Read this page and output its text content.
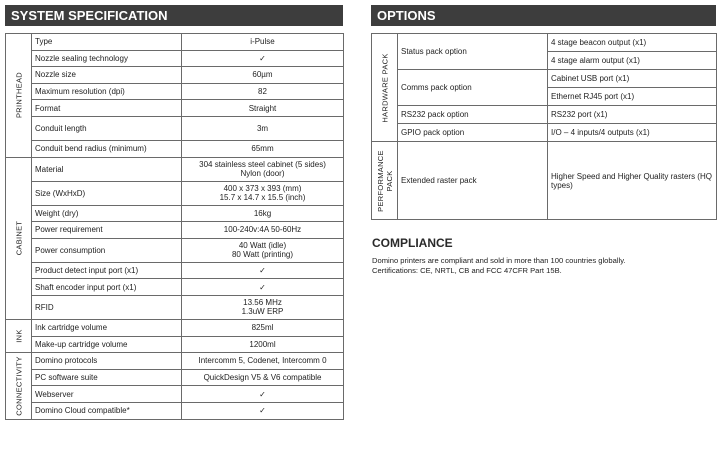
SYSTEM SPECIFICATION
PRINTHEAD	Type	i-Pulse

	Nozzle sealing technology	✓

	Nozzle size	60µm

	Maximum resolution (dpi)	82

	Format	Straight

	Conduit length	3m

	Conduit bend radius (minimum)	65mm

CABINET	Material	304 stainless steel cabinet (5 sides)
Nylon (door)

	Size (WxHxD)	400 x 373 x 393 (mm)
15.7 x 14.7 x 15.5 (inch)

	Weight (dry)	16kg

	Power requirement	100-240v:4A 50-60Hz

	Power consumption	40 Watt (idle)
80 Watt (printing)

	Product detect input port (x1)	✓

	Shaft encoder input port (x1)	✓

	RFID	13.56 MHz
1.3uW ERP

INK	Ink cartridge volume	825ml

	Make-up cartridge volume	1200ml

CONNECTIVITY	Domino protocols	Intercomm 5, Codenet, Intercomm 0

	PC software suite	QuickDesign V5 & V6 compatible

	Webserver	✓

	Domino Cloud compatible*	✓
OPTIONS
HARDWARE PACK	Status pack option	4 stage beacon output (x1)
		4 stage alarm output (x1)
	Comms pack option	Cabinet USB port (x1)
		Ethernet RJ45 port (x1)
	RS232 pack option	RS232 port (x1)
	GPIO pack option	I/O – 4 inputs/4 outputs (x1)

PERFORMANCE PACK	Extended raster pack	Higher Speed and Higher Quality rasters (HQ types)
COMPLIANCE

Domino printers are compliant and sold in more than 100 countries globally.

Certifications: CE, NRTL, CB and FCC 47CFR Part 15B.
